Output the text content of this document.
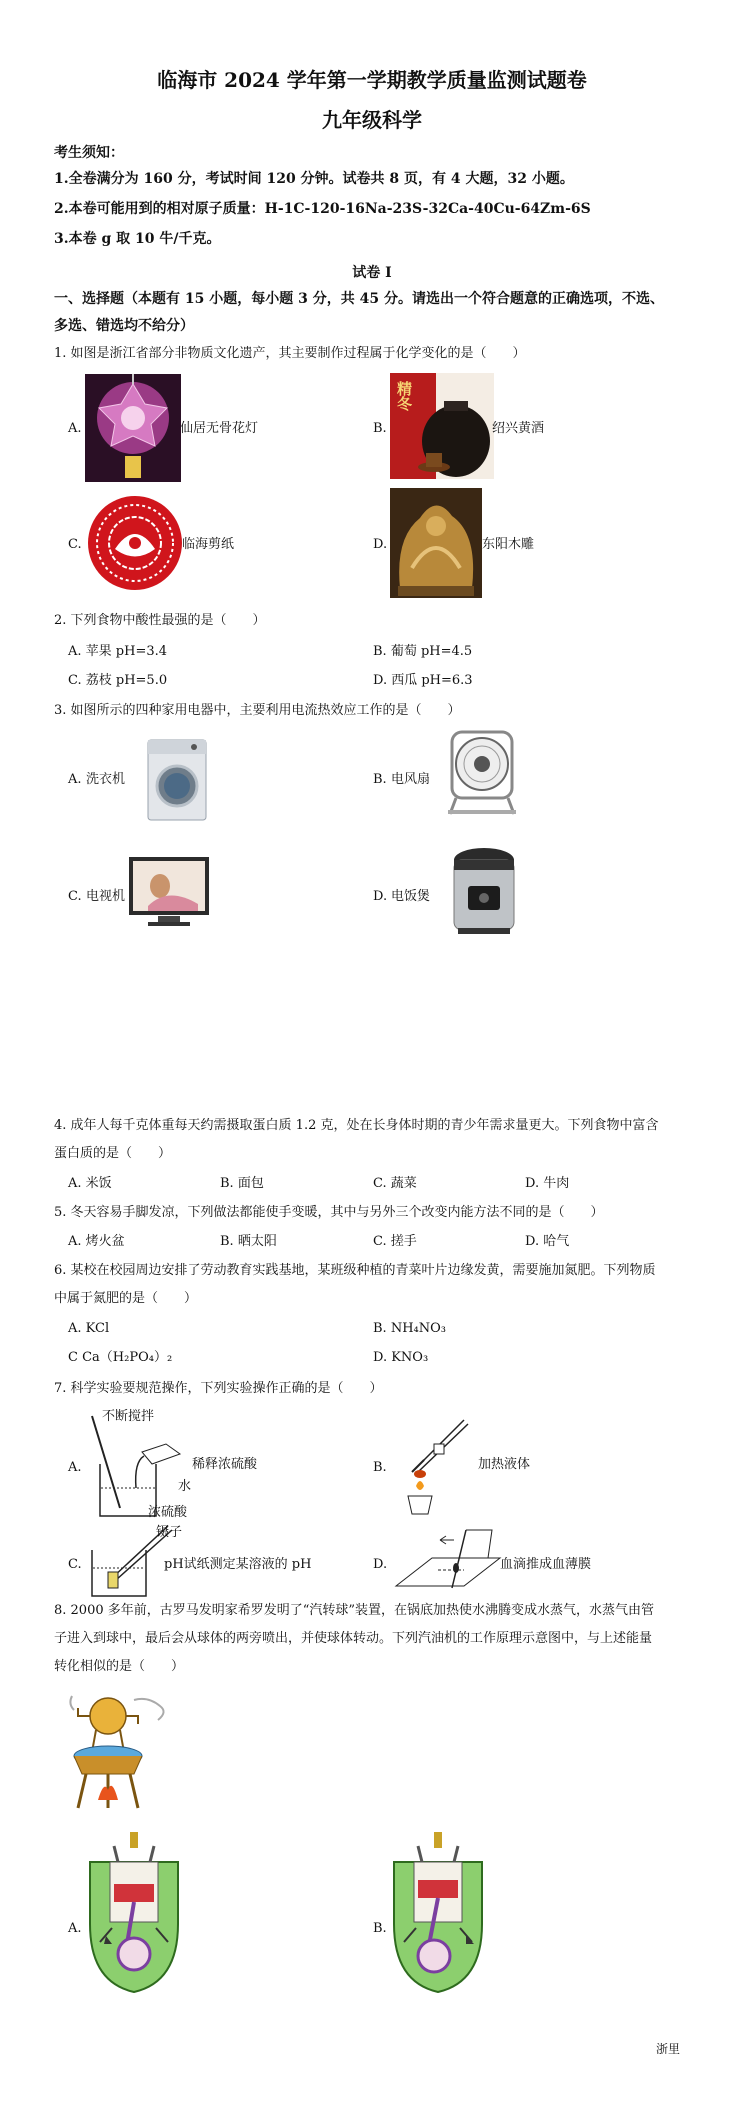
临海市 2024 学年第一学期教学质量监测试题卷
九年级科学
考生须知：
1.全卷满分为 160 分，考试时间 120 分钟。试卷共 8 页，有 4 大题，32 小题。
2.本卷可能用到的相对原子质量：H-1C-120-16Na-23S-32Ca-40Cu-64Zm-6S
3.本卷 g 取 10 牛/千克。
试卷 I
一、选择题（本题有 15 小题，每小题 3 分，共 45 分。请选出一个符合题意的正确选项，不选、
多选、错选均不给分）
1. 如图是浙江省部分非物质文化遗产，其主要制作过程属于化学变化的是（　　）
A.	仙居无骨花灯	B.
精冬
绍兴黄酒
C.	临海剪纸	D.	东阳木雕
2. 下列食物中酸性最强的是（　　）
A. 苹果 pH=3.4	B. 葡萄 pH=4.5
C. 荔枝 pH=5.0	D. 西瓜 pH=6.3
3. 如图所示的四种家用电器中，主要利用电流热效应工作的是（　　）
A. 洗衣机	B. 电风扇
C. 电视机	D. 电饭煲
4. 成年人每千克体重每天约需摄取蛋白质 1.2 克，处在长身体时期的青少年需求量更大。下列食物中富含
蛋白质的是（　　）
A. 米饭	B. 面包	C. 蔬菜	D. 牛肉
5. 冬天容易手脚发凉，下列做法都能使手变暖，其中与另外三个改变内能方法不同的是（　　）
A. 烤火盆	B. 晒太阳	C. 搓手	D. 哈气
6. 某校在校园周边安排了劳动教育实践基地，某班级种植的青菜叶片边缘发黄，需要施加氮肥。下列物质
中属于氮肥的是（　　）
A. KCl	B. NH₄NO₃
C Ca（H₂PO₄）₂	D. KNO₃
7. 科学实验要规范操作，下列实验操作正确的是（　　）
A.
不断搅拌
稀释浓硫酸
水
浓硫酸
B.	加热液体
C.
镊子
pH试纸测定某溶液的 pH	D.	血滴推成血薄膜
8. 2000 多年前，古罗马发明家希罗发明了“汽转球”装置，在锅底加热使水沸腾变成水蒸气，水蒸气由管
子进入到球中，最后会从球体的两旁喷出，并使球体转动。下列汽油机的工作原理示意图中，与上述能量
转化相似的是（　　）
A.	B.
浙里
